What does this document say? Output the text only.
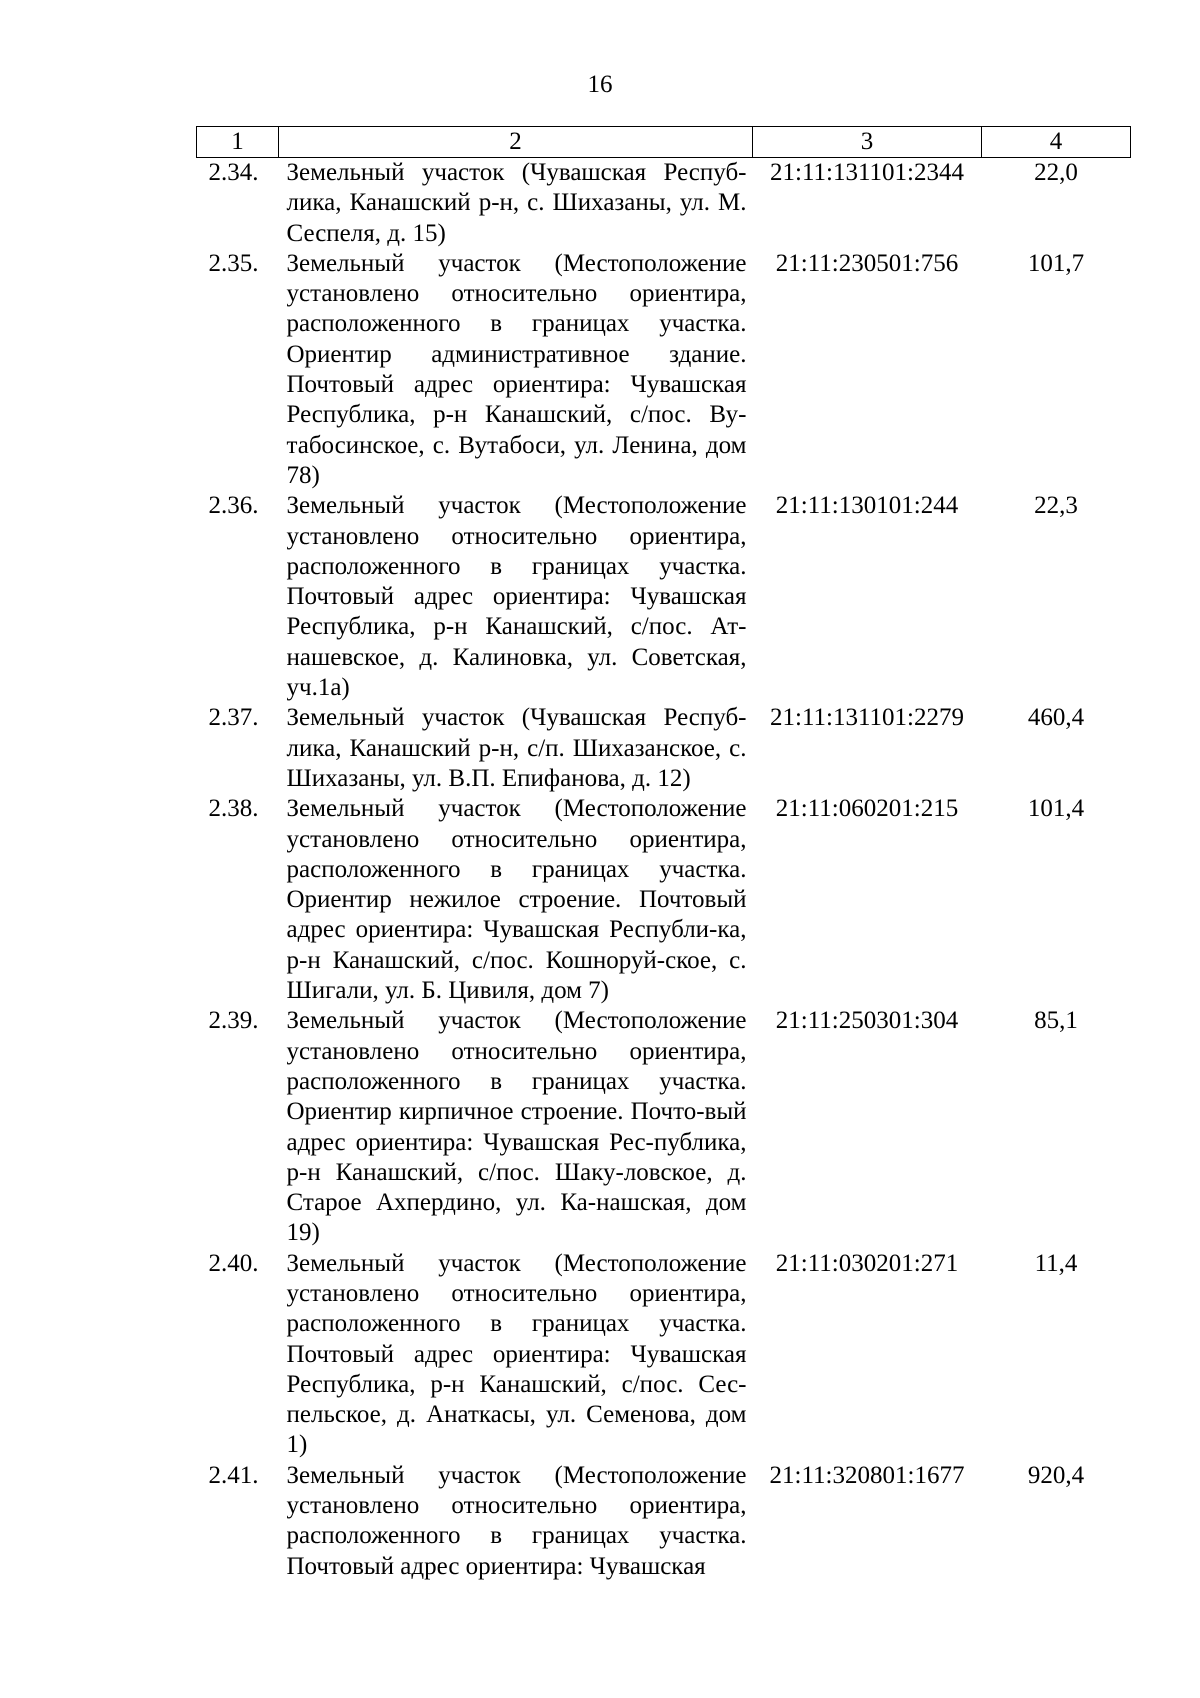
16
1	2	3	4
2.34.	Земельный участок (Чувашская Респуб-лика, Канашский р-н, с. Шихазаны, ул. М. Сеспеля, д. 15)	21:11:131101:2344	22,0
2.35.	Земельный участок (Местоположение установлено относительно ориентира, расположенного в границах участка. Ориентир административное здание. Почтовый адрес ориентира: Чувашская Республика, р-н Канашский, с/пос. Ву-табосинское, с. Вутабоси, ул. Ленина, дом 78)	21:11:230501:756	101,7
2.36.	Земельный участок (Местоположение установлено относительно ориентира, расположенного в границах участка. Почтовый адрес ориентира: Чувашская Республика, р-н Канашский, с/пос. Ат-нашевское, д. Калиновка, ул. Советская, уч.1а)	21:11:130101:244	22,3
2.37.	Земельный участок (Чувашская Респуб-лика, Канашский р-н, с/п. Шихазанское, с. Шихазаны, ул. В.П. Епифанова, д. 12)	21:11:131101:2279	460,4
2.38.	Земельный участок (Местоположение установлено относительно ориентира, расположенного в границах участка. Ориентир нежилое строение. Почтовый адрес ориентира: Чувашская Республи-ка, р-н Канашский, с/пос. Кошноруй-ское, с. Шигали, ул. Б. Цивиля, дом 7)	21:11:060201:215	101,4
2.39.	Земельный участок (Местоположение установлено относительно ориентира, расположенного в границах участка. Ориентир кирпичное строение. Почто-вый адрес ориентира: Чувашская Рес-публика, р-н Канашский, с/пос. Шаку-ловское, д. Старое Ахпердино, ул. Ка-нашская, дом 19)	21:11:250301:304	85,1
2.40.	Земельный участок (Местоположение установлено относительно ориентира, расположенного в границах участка. Почтовый адрес ориентира: Чувашская Республика, р-н Канашский, с/пос. Сес-пельское, д. Анаткасы, ул. Семенова, дом 1)	21:11:030201:271	11,4
2.41.	Земельный участок (Местоположение установлено относительно ориентира, расположенного в границах участка. Почтовый адрес ориентира: Чувашская	21:11:320801:1677	920,4
